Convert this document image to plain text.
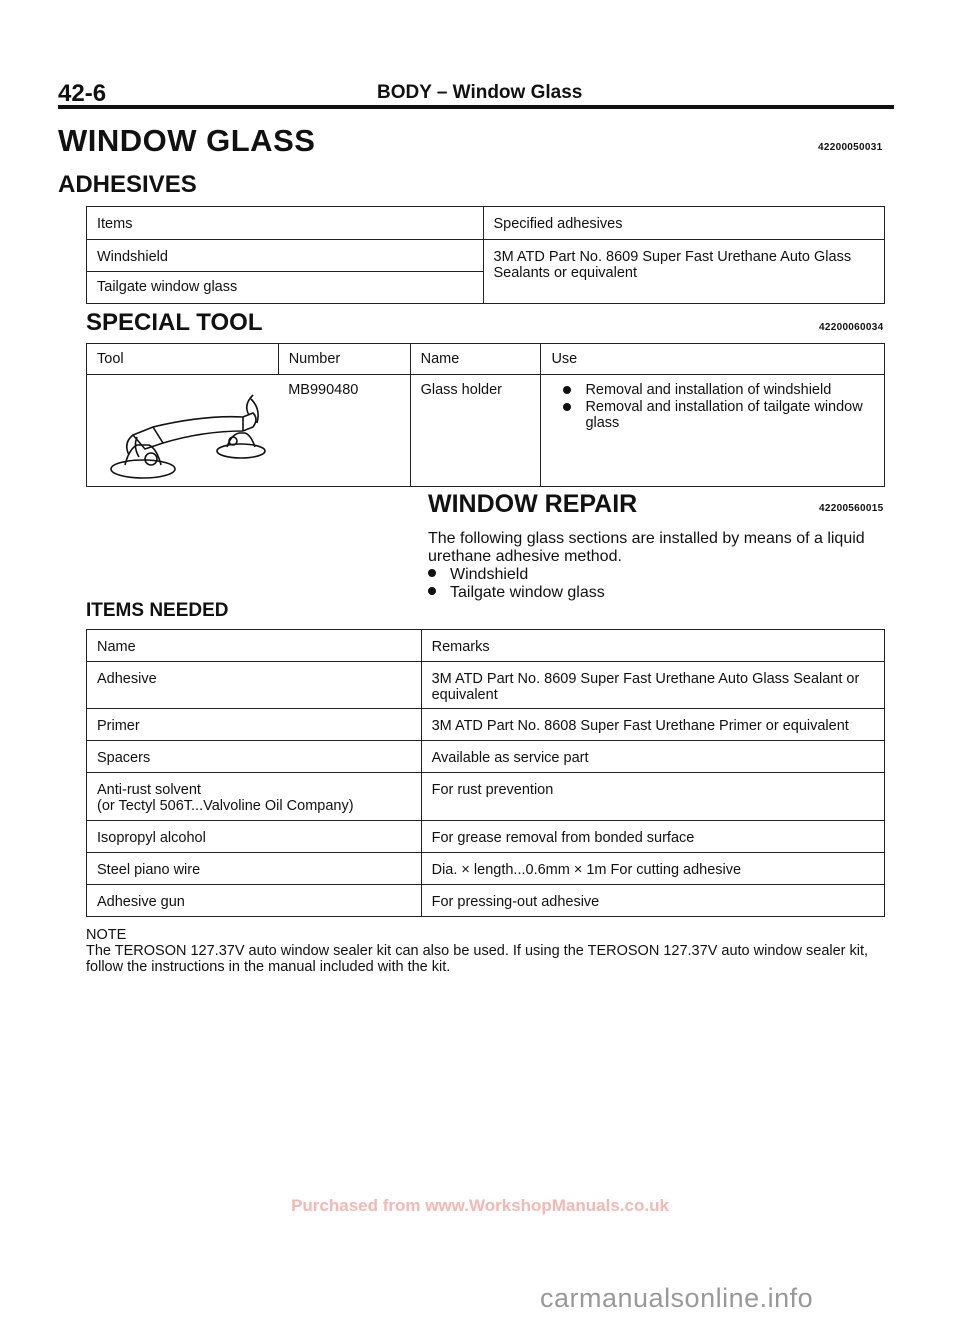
42-6	BODY – Window Glass
WINDOW GLASS	42200050031
ADHESIVES
Items	Specified adhesives
Windshield	3M ATD Part No. 8609 Super Fast Urethane Auto Glass Sealants or equivalent
Tailgate window glass	
SPECIAL TOOL	42200060034
Tool	Number	Name	Use

	MB990480	Glass holder	Removal and installation of windshield
Removal and installation of tailgate window glass
WINDOW REPAIR	42200560015
The following glass sections are installed by means of a liquid urethane adhesive method.
Windshield
Tailgate window glass
ITEMS NEEDED
Name	Remarks
Adhesive	3M ATD Part No. 8609 Super Fast Urethane Auto Glass Sealant or equivalent
Primer	3M ATD Part No. 8608 Super Fast Urethane Primer or equivalent
Spacers	Available as service part

Anti-rust solvent
(or Tectyl 506T...Valvoline Oil Company)	For rust prevention
Isopropyl alcohol	For grease removal from bonded surface
Steel piano wire	Dia. × length...0.6mm × 1m For cutting adhesive
Adhesive gun	For pressing-out adhesive
NOTE
The TEROSON 127.37V auto window sealer kit can also be used. If using the TEROSON 127.37V auto window sealer kit, follow the instructions in the manual included with the kit.
Purchased from www.WorkshopManuals.co.uk
carmanualsonline.info
